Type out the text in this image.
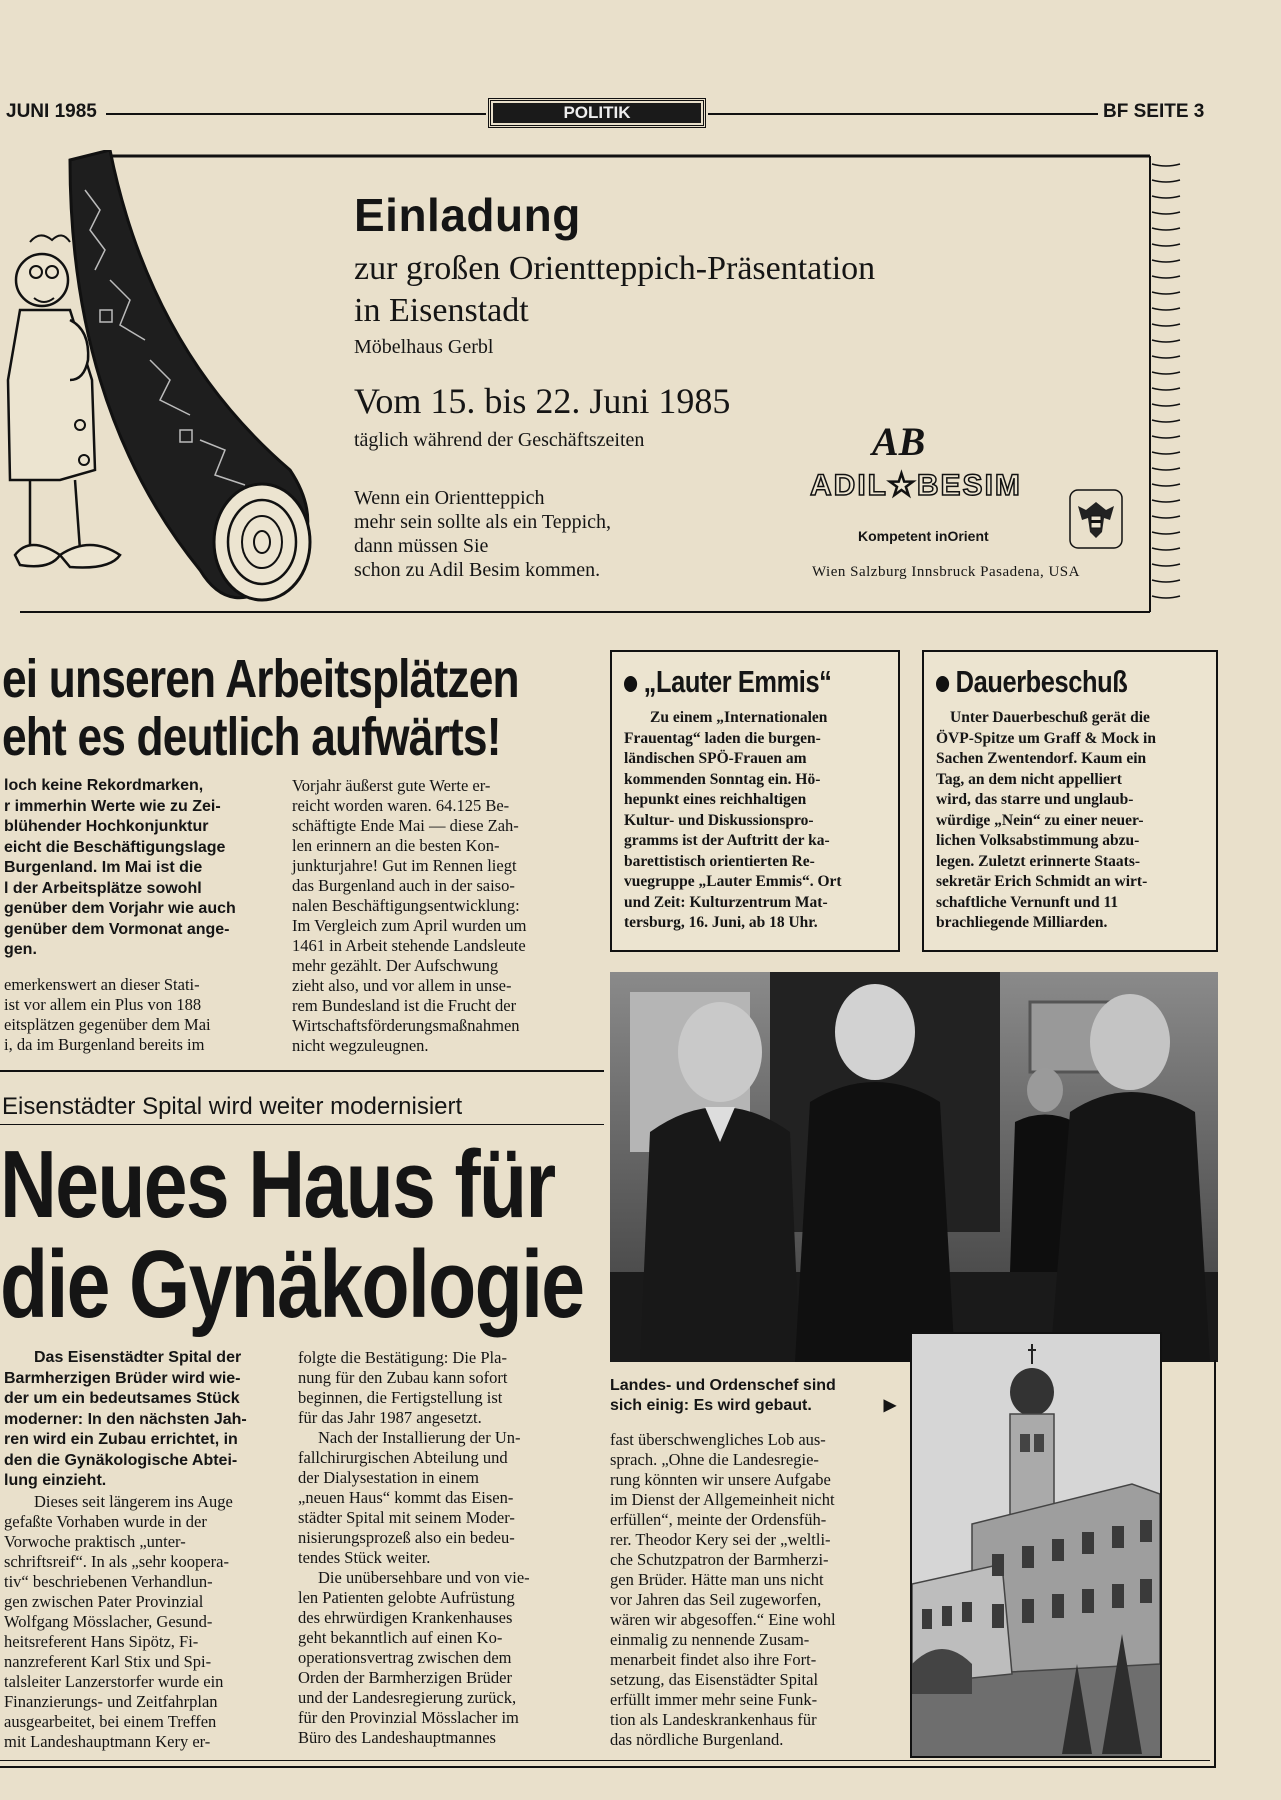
JUNI 1985	POLITIK	BF SEITE 3
Einladung
zur großen Orientteppich-Präsentation
in Eisenstadt
Möbelhaus Gerbl
Vom 15. bis 22. Juni 1985
täglich während der Geschäftszeiten
Wenn ein Orientteppich
mehr sein sollte als ein Teppich,
dann müssen Sie
schon zu Adil Besim kommen.
AB
ADIL★BESIM
Kompetent inOrient
Wien Salzburg Innsbruck Pasadena, USA
ei unseren Arbeitsplätzen
eht es deutlich aufwärts!
loch keine Rekordmarken,
r immerhin Werte wie zu Zei-
blühender Hochkonjunktur
eicht die Beschäftigungslage
Burgenland. Im Mai ist die
l der Arbeitsplätze sowohl
genüber dem Vorjahr wie auch
genüber dem Vormonat ange-
gen.
emerkenswert an dieser Stati-
ist vor allem ein Plus von 188
eitsplätzen gegenüber dem Mai
i, da im Burgenland bereits im
Vorjahr äußerst gute Werte er-
reicht worden waren. 64.125 Be-
schäftigte Ende Mai — diese Zah-
len erinnern an die besten Kon-
junkturjahre! Gut im Rennen liegt
das Burgenland auch in der saiso-
nalen Beschäftigungsentwicklung:
Im Vergleich zum April wurden um
1461 in Arbeit stehende Landsleute
mehr gezählt. Der Aufschwung
zieht also, und vor allem in unse-
rem Bundesland ist die Frucht der
Wirtschaftsförderungsmaßnahmen
nicht wegzuleugnen.
„Lauter Emmis“
Zu einem „Internationalen
Frauentag“ laden die burgen-
ländischen SPÖ-Frauen am
kommenden Sonntag ein. Hö-
hepunkt eines reichhaltigen
Kultur- und Diskussionspro-
gramms ist der Auftritt der ka-
barettistisch orientierten Re-
vuegruppe „Lauter Emmis“. Ort
und Zeit: Kulturzentrum Mat-
tersburg, 16. Juni, ab 18 Uhr.
Dauerbeschuß
Unter Dauerbeschuß gerät die
ÖVP-Spitze um Graff & Mock in
Sachen Zwentendorf. Kaum ein
Tag, an dem nicht appelliert
wird, das starre und unglaub-
würdige „Nein“ zu einer neuer-
lichen Volksabstimmung abzu-
legen. Zuletzt erinnerte Staats-
sekretär Erich Schmidt an wirt-
schaftliche Vernunft und 11
brachliegende Milliarden.
Eisenstädter Spital wird weiter modernisiert
Neues Haus für
die Gynäkologie
Das Eisenstädter Spital der
Barmherzigen Brüder wird wie-
der um ein bedeutsames Stück
moderner: In den nächsten Jah-
ren wird ein Zubau errichtet, in
den die Gynäkologische Abtei-
lung einzieht.
Dieses seit längerem ins Auge
gefaßte Vorhaben wurde in der
Vorwoche praktisch „unter-
schriftsreif“. In als „sehr koopera-
tiv“ beschriebenen Verhandlun-
gen zwischen Pater Provinzial
Wolfgang Mösslacher, Gesund-
heitsreferent Hans Sipötz, Fi-
nanzreferent Karl Stix und Spi-
talsleiter Lanzerstorfer wurde ein
Finanzierungs- und Zeitfahrplan
ausgearbeitet, bei einem Treffen
mit Landeshauptmann Kery er-
folgte die Bestätigung: Die Pla-
nung für den Zubau kann sofort
beginnen, die Fertigstellung ist
für das Jahr 1987 angesetzt.
Nach der Installierung der Un-
fallchirurgischen Abteilung und
der Dialysestation in einem
„neuen Haus“ kommt das Eisen-
städter Spital mit seinem Moder-
nisierungsprozeß also ein bedeu-
tendes Stück weiter.
Die unübersehbare und von vie-
len Patienten gelobte Aufrüstung
des ehrwürdigen Krankenhauses
geht bekanntlich auf einen Ko-
operationsvertrag zwischen dem
Orden der Barmherzigen Brüder
und der Landesregierung zurück,
für den Provinzial Mösslacher im
Büro des Landeshauptmannes
Landes- und Ordenschef sind
sich einig: Es wird gebaut.	▶
fast überschwengliches Lob aus-
sprach. „Ohne die Landesregie-
rung könnten wir unsere Aufgabe
im Dienst der Allgemeinheit nicht
erfüllen“, meinte der Ordensfüh-
rer. Theodor Kery sei der „weltli-
che Schutzpatron der Barmherzi-
gen Brüder. Hätte man uns nicht
vor Jahren das Seil zugeworfen,
wären wir abgesoffen.“ Eine wohl
einmalig zu nennende Zusam-
menarbeit findet also ihre Fort-
setzung, das Eisenstädter Spital
erfüllt immer mehr seine Funk-
tion als Landeskrankenhaus für
das nördliche Burgenland.
